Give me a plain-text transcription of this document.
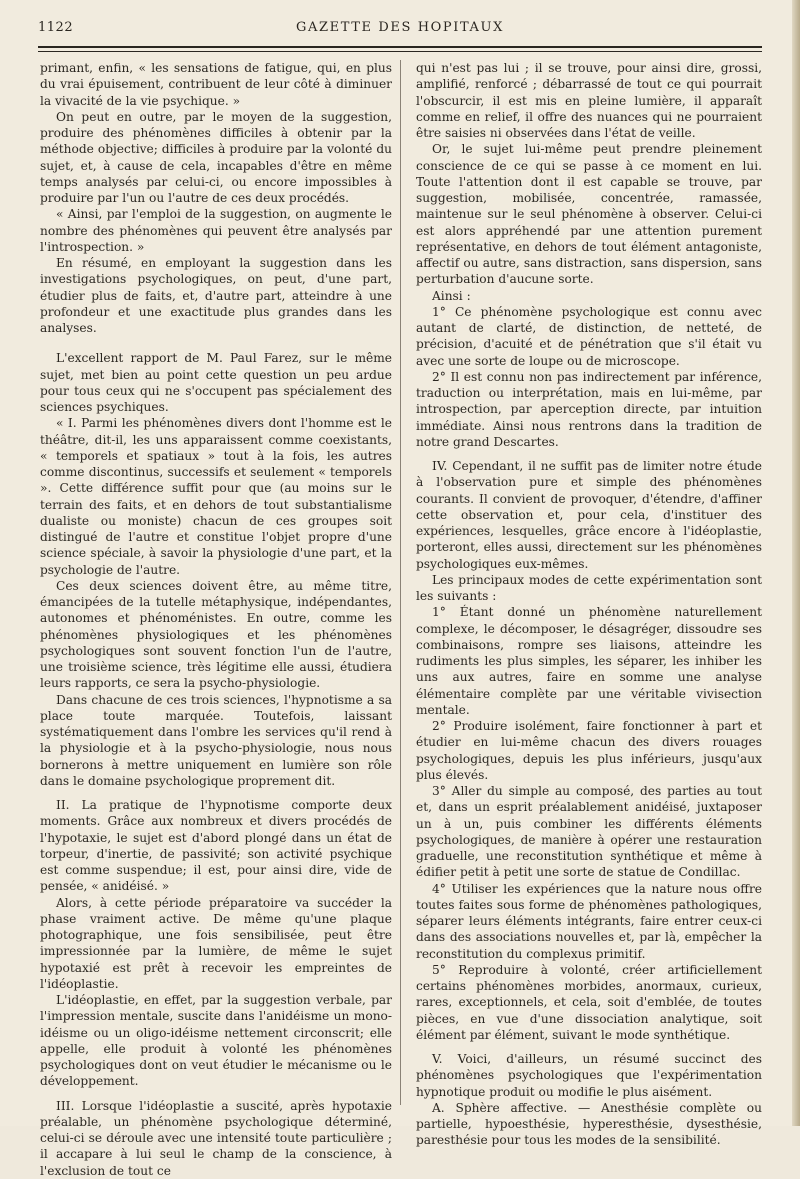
1122	GAZETTE DES HOPITAUX

primant, enfin, « les sensations de fatigue, qui, en plus du vrai épuisement, contribuent de leur côté à diminuer la vivacité de la vie psychique. »

On peut en outre, par le moyen de la suggestion, produire des phénomènes difficiles à obtenir par la méthode objective; difficiles à produire par la volonté du sujet, et, à cause de cela, incapables d'être en même temps analysés par celui-ci, ou encore impossibles à produire par l'un ou l'autre de ces deux procédés.

« Ainsi, par l'emploi de la suggestion, on augmente le nombre des phénomènes qui peuvent être analysés par l'introspection. »

En résumé, en employant la suggestion dans les investigations psychologiques, on peut, d'une part, étudier plus de faits, et, d'autre part, atteindre à une profondeur et une exactitude plus grandes dans les analyses.

L'excellent rapport de M. Paul Farez, sur le même sujet, met bien au point cette question un peu ardue pour tous ceux qui ne s'occupent pas spécialement des sciences psychiques.

« I. Parmi les phénomènes divers dont l'homme est le théâtre, dit-il, les uns apparaissent comme coexistants, « temporels et spatiaux » tout à la fois, les autres comme discontinus, successifs et seulement « temporels ». Cette différence suffit pour que (au moins sur le terrain des faits, et en dehors de tout substantialisme dualiste ou moniste) chacun de ces groupes soit distingué de l'autre et constitue l'objet propre d'une science spéciale, à savoir la physiologie d'une part, et la psychologie de l'autre.

Ces deux sciences doivent être, au même titre, émancipées de la tutelle métaphysique, indépendantes, autonomes et phénoménistes. En outre, comme les phénomènes physiologiques et les phénomènes psychologiques sont souvent fonction l'un de l'autre, une troisième science, très légitime elle aussi, étudiera leurs rapports, ce sera la psycho-physiologie.

Dans chacune de ces trois sciences, l'hypnotisme a sa place toute marquée. Toutefois, laissant systématiquement dans l'ombre les services qu'il rend à la physiologie et à la psycho-physiologie, nous nous bornerons à mettre uniquement en lumière son rôle dans le domaine psychologique proprement dit.

II. La pratique de l'hypnotisme comporte deux moments. Grâce aux nombreux et divers procédés de l'hypotaxie, le sujet est d'abord plongé dans un état de torpeur, d'inertie, de passivité; son activité psychique est comme suspendue; il est, pour ainsi dire, vide de pensée, « anidéisé. »

Alors, à cette période préparatoire va succéder la phase vraiment active. De même qu'une plaque photographique, une fois sensibilisée, peut être impressionnée par la lumière, de même le sujet hypotaxié est prêt à recevoir les empreintes de l'idéoplastie.

L'idéoplastie, en effet, par la suggestion verbale, par l'impression mentale, suscite dans l'anidéisme un mono-idéisme ou un oligo-idéisme nettement circonscrit; elle appelle, elle produit à volonté les phénomènes psychologiques dont on veut étudier le mécanisme ou le développement.

III. Lorsque l'idéoplastie a suscité, après hypotaxie préalable, un phénomène psychologique déterminé, celui-ci se déroule avec une intensité toute particulière ; il accapare à lui seul le champ de la conscience, à l'exclusion de tout ce

qui n'est pas lui ; il se trouve, pour ainsi dire, grossi, amplifié, renforcé ; débarrassé de tout ce qui pourrait l'obscurcir, il est mis en pleine lumière, il apparaît comme en relief, il offre des nuances qui ne pourraient être saisies ni observées dans l'état de veille.

Or, le sujet lui-même peut prendre pleinement conscience de ce qui se passe à ce moment en lui. Toute l'attention dont il est capable se trouve, par suggestion, mobilisée, concentrée, ramassée, maintenue sur le seul phénomène à observer. Celui-ci est alors appréhendé par une attention purement représentative, en dehors de tout élément antagoniste, affectif ou autre, sans distraction, sans dispersion, sans perturbation d'aucune sorte.

Ainsi :

1° Ce phénomène psychologique est connu avec autant de clarté, de distinction, de netteté, de précision, d'acuité et de pénétration que s'il était vu avec une sorte de loupe ou de microscope.

2° Il est connu non pas indirectement par inférence, traduction ou interprétation, mais en lui-même, par introspection, par aperception directe, par intuition immédiate. Ainsi nous rentrons dans la tradition de notre grand Descartes.

IV. Cependant, il ne suffit pas de limiter notre étude à l'observation pure et simple des phénomènes courants. Il convient de provoquer, d'étendre, d'affiner cette observation et, pour cela, d'instituer des expériences, lesquelles, grâce encore à l'idéoplastie, porteront, elles aussi, directement sur les phénomènes psychologiques eux-mêmes.

Les principaux modes de cette expérimentation sont les suivants :

1° Étant donné un phénomène naturellement complexe, le décomposer, le désagréger, dissoudre ses combinaisons, rompre ses liaisons, atteindre les rudiments les plus simples, les séparer, les inhiber les uns aux autres, faire en somme une analyse élémentaire complète par une véritable vivisection mentale.

2° Produire isolément, faire fonctionner à part et étudier en lui-même chacun des divers rouages psychologiques, depuis les plus inférieurs, jusqu'aux plus élevés.

3° Aller du simple au composé, des parties au tout et, dans un esprit préalablement anidéisé, juxtaposer un à un, puis combiner les différents éléments psychologiques, de manière à opérer une restauration graduelle, une reconstitution synthétique et même à édifier petit à petit une sorte de statue de Condillac.

4° Utiliser les expériences que la nature nous offre toutes faites sous forme de phénomènes pathologiques, séparer leurs éléments intégrants, faire entrer ceux-ci dans des associations nouvelles et, par là, empêcher la reconstitution du complexus primitif.

5° Reproduire à volonté, créer artificiellement certains phénomènes morbides, anormaux, curieux, rares, exceptionnels, et cela, soit d'emblée, de toutes pièces, en vue d'une dissociation analytique, soit élément par élément, suivant le mode synthétique.

V. Voici, d'ailleurs, un résumé succinct des phénomènes psychologiques que l'expérimentation hypnotique produit ou modifie le plus aisément.

A. Sphère affective. — Anesthésie complète ou partielle, hypoesthésie, hyperesthésie, dysesthésie, paresthésie pour tous les modes de la sensibilité.
